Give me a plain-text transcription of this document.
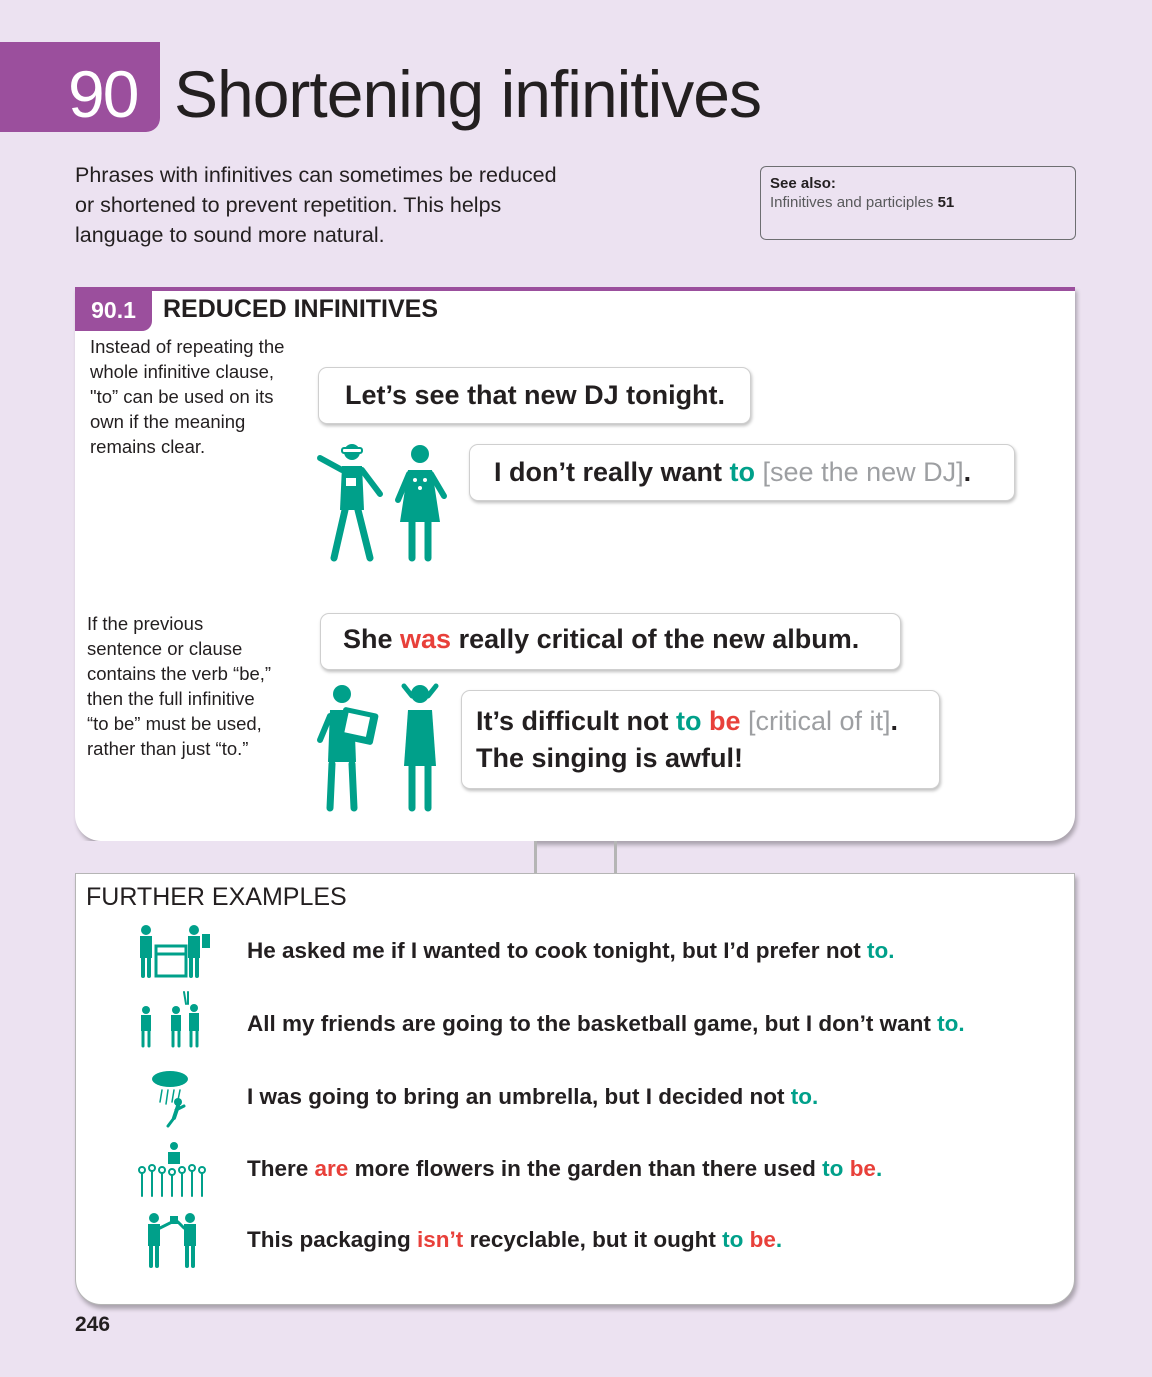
90 Shortening infinitives
Phrases with infinitives can sometimes be reduced or shortened to prevent repetition. This helps language to sound more natural.
See also:
Infinitives and participles 51
90.1	REDUCED INFINITIVES
Instead of repeating the whole infinitive clause, "to” can be used on its own if the meaning remains clear.
If the previous sentence or clause contains the verb “be,” then the full infinitive “to be” must be used, rather than just “to.”
Let’s see that new DJ tonight.
I don’t really want to [see the new DJ].
She was really critical of the new album.
It’s difficult not to be [critical of it].
The singing is awful!
FURTHER EXAMPLES
He asked me if I wanted to cook tonight, but I’d prefer not to.
All my friends are going to the basketball game, but I don’t want to.
I was going to bring an umbrella, but I decided not to.
There are more flowers in the garden than there used to be.
This packaging isn’t recyclable, but it ought to be.
246
